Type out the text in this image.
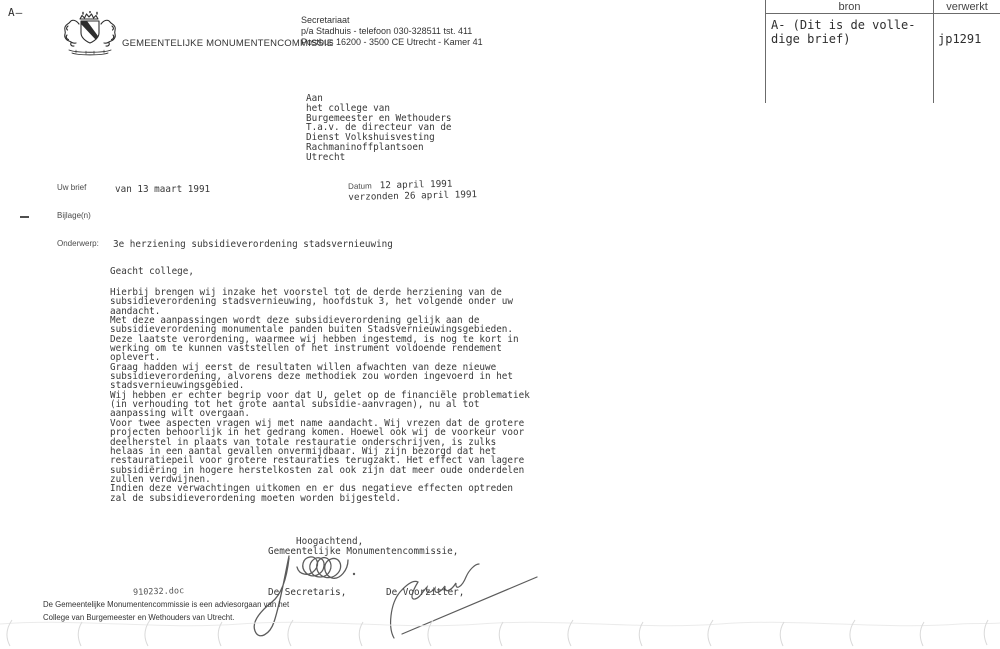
A—
GEMEENTELIJKE MONUMENTENCOMMISSIE
Secretariaat
p/a Stadhuis - telefoon 030-328511 tst. 411
Postbus 16200 - 3500 CE Utrecht - Kamer 41
bron	verwerkt
A- (Dit is de volle-
dige brief)	jp1291
Aan
het college van
Burgemeester en Wethouders
T.a.v. de directeur van de
Dienst Volkshuisvesting
Rachmaninoffplantsoen
Utrecht
Uw brief	van 13 maart 1991	Datum 12 april 1991
verzonden 26 april 1991
Bijlage(n)
Onderwerp: 3e herziening subsidieverordening stadsvernieuwing
Geacht college,
Hierbij brengen wij inzake het voorstel tot de derde herziening van de
subsidieverordening stadsvernieuwing, hoofdstuk 3, het volgende onder uw
aandacht.
Met deze aanpassingen wordt deze subsidieverordening gelijk aan de
subsidieverordening monumentale panden buiten Stadsvernieuwingsgebieden.
Deze laatste verordening, waarmee wij hebben ingestemd, is nog te kort in
werking om te kunnen vaststellen of het instrument voldoende rendement
oplevert.
Graag hadden wij eerst de resultaten willen afwachten van deze nieuwe
subsidieverordening, alvorens deze methodiek zou worden ingevoerd in het
stadsvernieuwingsgebied.
Wij hebben er echter begrip voor dat U, gelet op de financiële problematiek
(in verhouding tot het grote aantal subsidie-aanvragen), nu al tot
aanpassing wilt overgaan.
Voor twee aspecten vragen wij met name aandacht. Wij vrezen dat de grotere
projecten behoorlijk in het gedrang komen. Hoewel ook wij de voorkeur voor
deelherstel in plaats van totale restauratie onderschrijven, is zulks
helaas in een aantal gevallen onvermijdbaar. Wij zijn bezorgd dat het
restauratiepeil voor grotere restauraties terugzakt. Het effect van lagere
subsidiëring in hogere herstelkosten zal ook zijn dat meer oude onderdelen
zullen verdwijnen.
Indien deze verwachtingen uitkomen en er dus negatieve effecten optreden
zal de subsidieverordening moeten worden bijgesteld.
Hoogachtend,
Gemeentelijke Monumentencommissie,
De Secretaris,	De Voorzitter,
910232.doc
De Gemeentelijke Monumentencommissie is een adviesorgaan van het
College van Burgemeester en Wethouders van Utrecht.
